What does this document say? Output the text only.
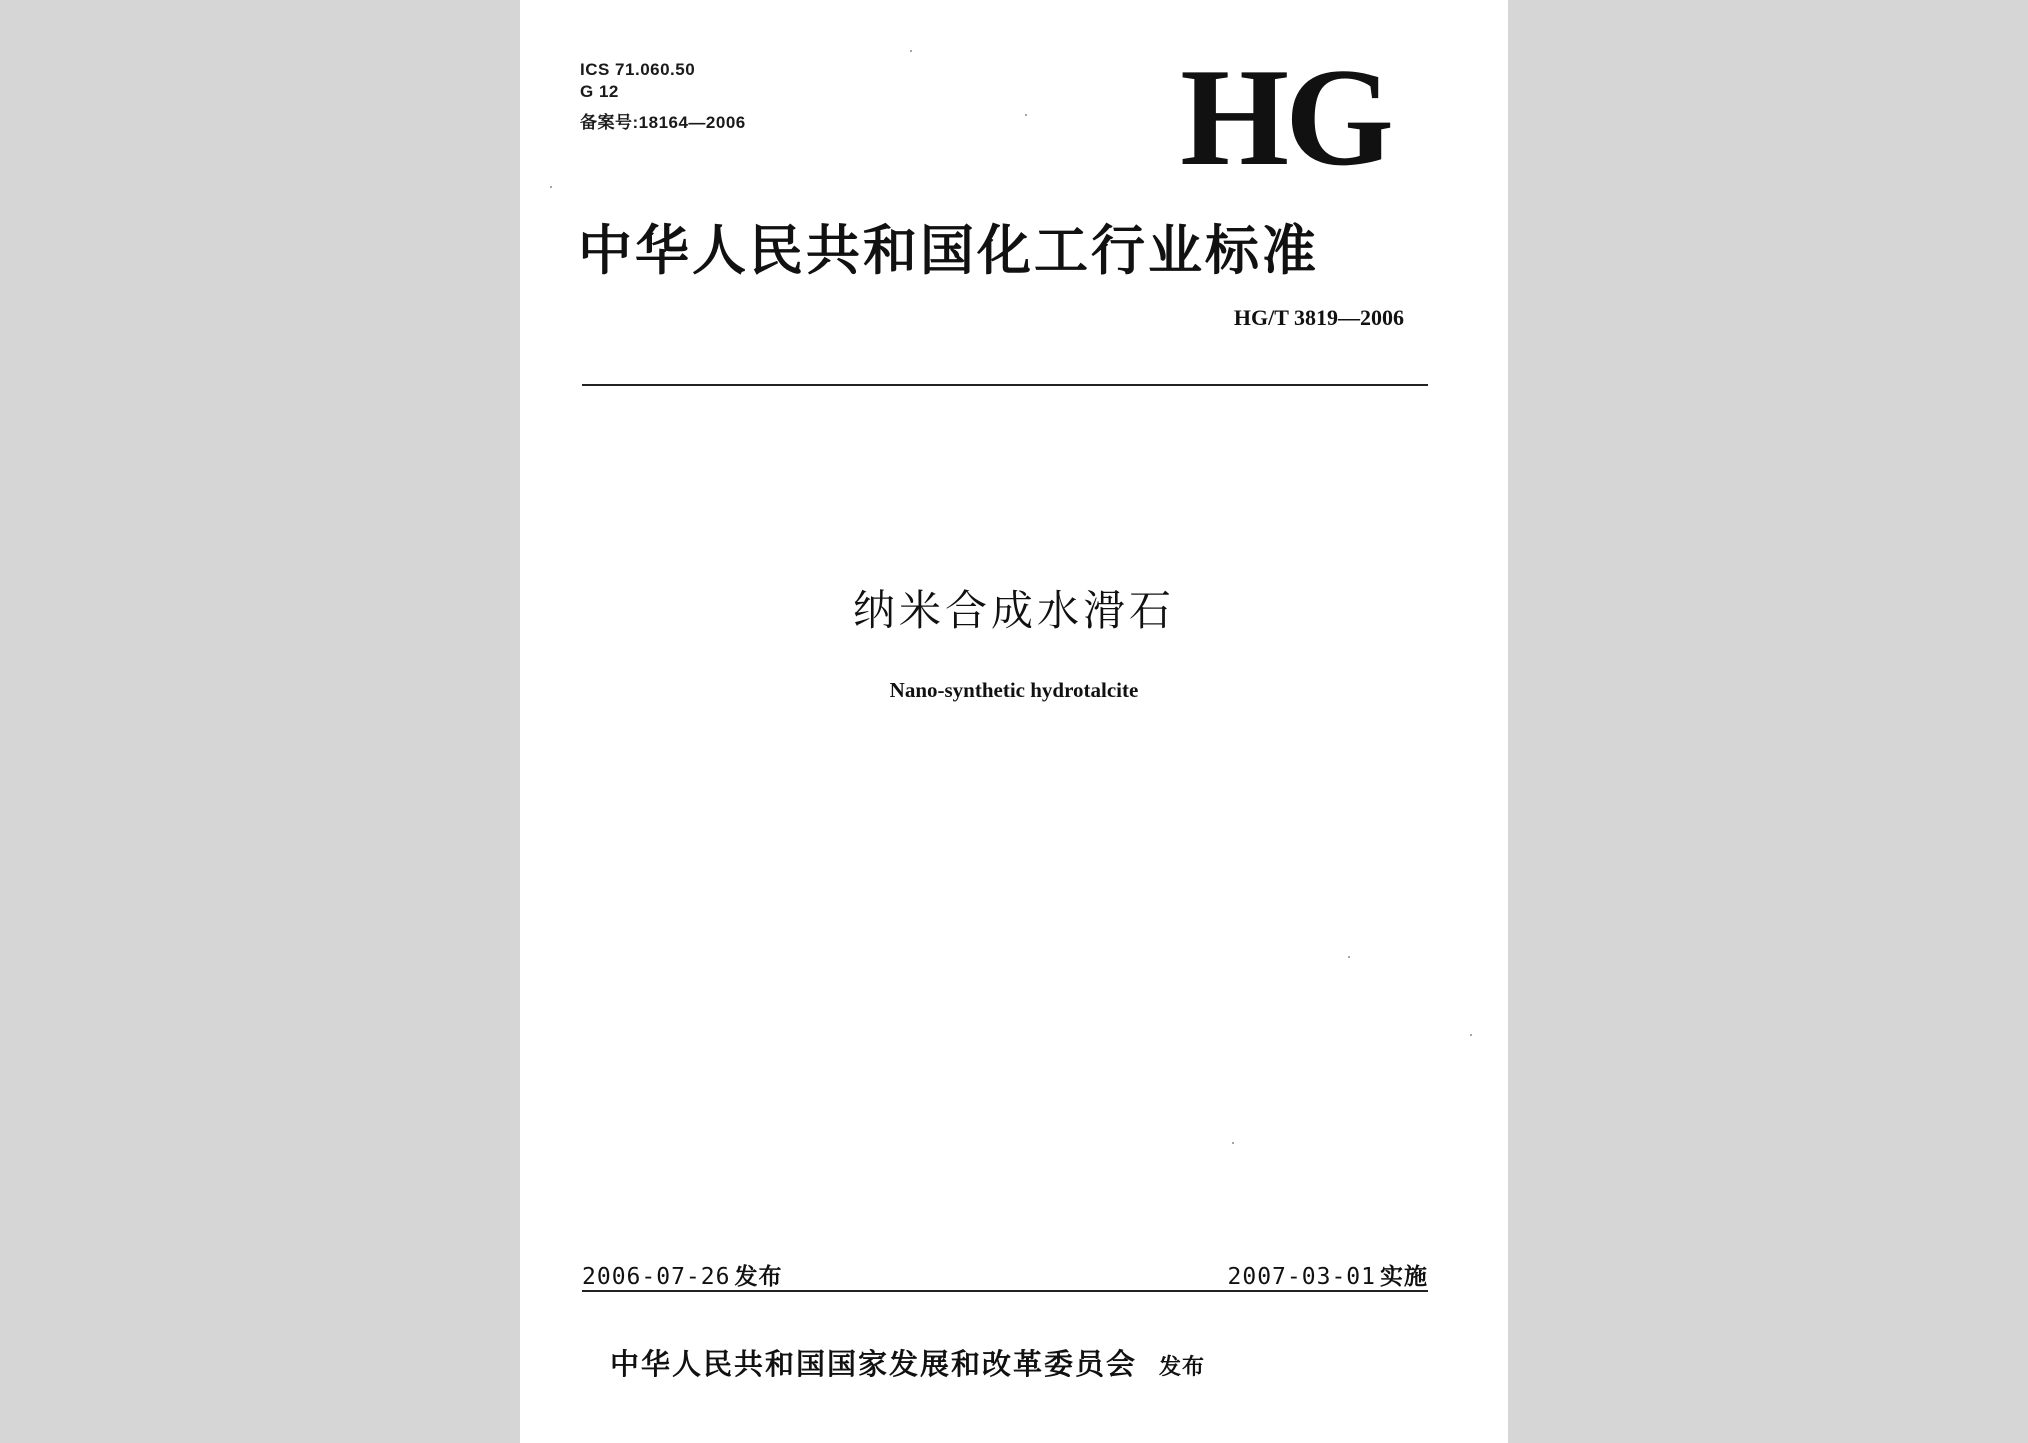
ICS 71.060.50
G 12
备案号:18164—2006	HG
中华人民共和国化工行业标准
HG/T 3819—2006
纳米合成水滑石
Nano-synthetic hydrotalcite
2006-07-26 发布	2007-03-01 实施
中华人民共和国国家发展和改革委员会 发布
